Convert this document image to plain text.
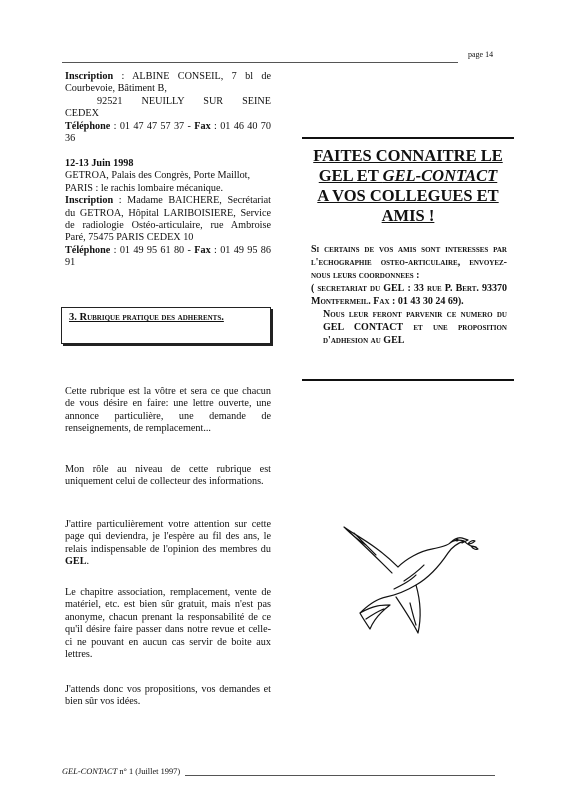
page 14
Inscription : ALBINE CONSEIL, 7 bl de Courbevoie, Bâtiment B,
92521 NEUILLY SUR SEINE
CEDEX
Téléphone : 01 47 47 57 37 - Fax : 01 46 40 70 36
12-13 Juin 1998
GETROA, Palais des Congrès, Porte Maillot, PARIS : le rachis lombaire mécanique.
Inscription : Madame BAICHERE, Secrétariat du GETROA, Hôpital LARIBOISIERE, Service de radiologie Ostéo-articulaire, rue Ambroise Paré, 75475 PARIS CEDEX 10
Téléphone : 01 49 95 61 80 - Fax : 01 49 95 86 91
3. Rubrique pratique des adherents.
Cette rubrique est la vôtre et sera ce que chacun de vous désire en faire: une lettre ouverte, une annonce particulière, une demande de renseignements, de remplacement...
Mon rôle au niveau de cette rubrique est uniquement celui de collecteur des informations.
J'attire particulièrement votre attention sur cette page qui deviendra, je l'espère au fil des ans, le relais indispensable de l'opinion des membres du GEL.
Le chapitre association, remplacement, vente de matériel, etc. est bien sûr gratuit, mais n'est pas anonyme, chacun prenant la responsabilité de ce qu'il désire faire passer dans notre revue et celle-ci ne pouvant en aucun cas servir de boite aux lettres.
J'attends donc vos propositions, vos demandes et bien sûr vos idées.
FAITES CONNAITRE LE
GEL ET GEL-CONTACT
A VOS COLLEGUES ET
AMIS !
Si certains de vos amis sont interesses par l'echographie osteo-articulaire, envoyez-nous leurs coordonnees :
( secretariat du GEL : 33 rue P. Bert. 93370 Montfermeil. Fax : 01 43 30 24 69).
Nous leur feront parvenir ce numero du GEL CONTACT et une proposition d'adhesion au GEL
GEL-CONTACT n° 1 (Juillet 1997)
